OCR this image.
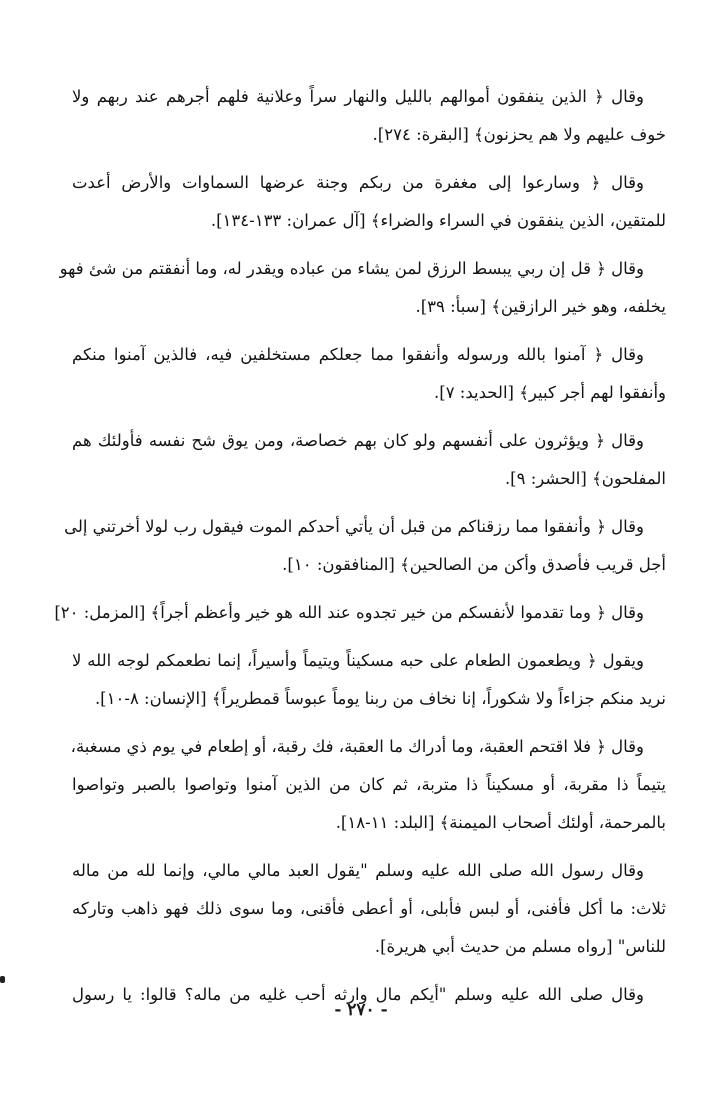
وقال ﴿ الذين ينفقون أموالهم بالليل والنهار سراً وعلانية فلهم أجرهم عند ربهم ولا
خوف عليهم ولا هم يحزنون﴾ [البقرة: ٢٧٤].
وقال ﴿ وسارعوا إلى مغفرة من ربكم وجنة عرضها السماوات والأرض أعدت
للمتقين، الذين ينفقون في السراء والضراء﴾ [آل عمران: ١٣٣-١٣٤].
وقال ﴿ قل إن ربي يبسط الرزق لمن يشاء من عباده ويقدر له، وما أنفقتم من شئ فهو
يخلفه، وهو خير الرازقين﴾ [سبأ: ٣٩].
وقال ﴿ آمنوا بالله ورسوله وأنفقوا مما جعلكم مستخلفين فيه، فالذين آمنوا منكم
وأنفقوا لهم أجر كبير﴾ [الحديد: ٧].
وقال ﴿ ويؤثرون على أنفسهم ولو كان بهم خصاصة، ومن يوق شح نفسه فأولئك هم
المفلحون﴾ [الحشر: ٩].
وقال ﴿ وأنفقوا مما رزقناكم من قبل أن يأتي أحدكم الموت فيقول رب لولا أخرتني إلى
أجل قريب فأصدق وأكن من الصالحين﴾ [المنافقون: ١٠].
وقال ﴿ وما تقدموا لأنفسكم من خير تجدوه عند الله هو خير وأعظم أجراً﴾ [المزمل: ٢٠]
ويقول ﴿ ويطعمون الطعام على حبه مسكيناً ويتيماً وأسيراً، إنما نطعمكم لوجه الله لا
نريد منكم جزاءاً ولا شكوراً، إنا نخاف من ربنا يوماً عبوساً قمطريراً﴾ [الإنسان: ٨-١٠].
وقال ﴿ فلا اقتحم العقبة، وما أدراك ما العقبة، فك رقبة، أو إطعام في يوم ذي مسغبة،
يتيماً ذا مقربة، أو مسكيناً ذا متربة، ثم كان من الذين آمنوا وتواصوا بالصبر وتواصوا
بالمرحمة، أولئك أصحاب الميمنة﴾ [البلد: ١١-١٨].
وقال رسول الله صلى الله عليه وسلم "يقول العبد مالي مالي، وإنما لله من ماله
ثلاث: ما أكل فأفنى، أو لبس فأبلى، أو أعطى فأقنى، وما سوى ذلك فهو ذاهب وتاركه
للناس" [رواه مسلم من حديث أبي هريرة].
وقال صلى الله عليه وسلم "أيكم مال وارثه أحب غليه من ماله؟ قالوا: يا رسول
- ٢٧٠ -
